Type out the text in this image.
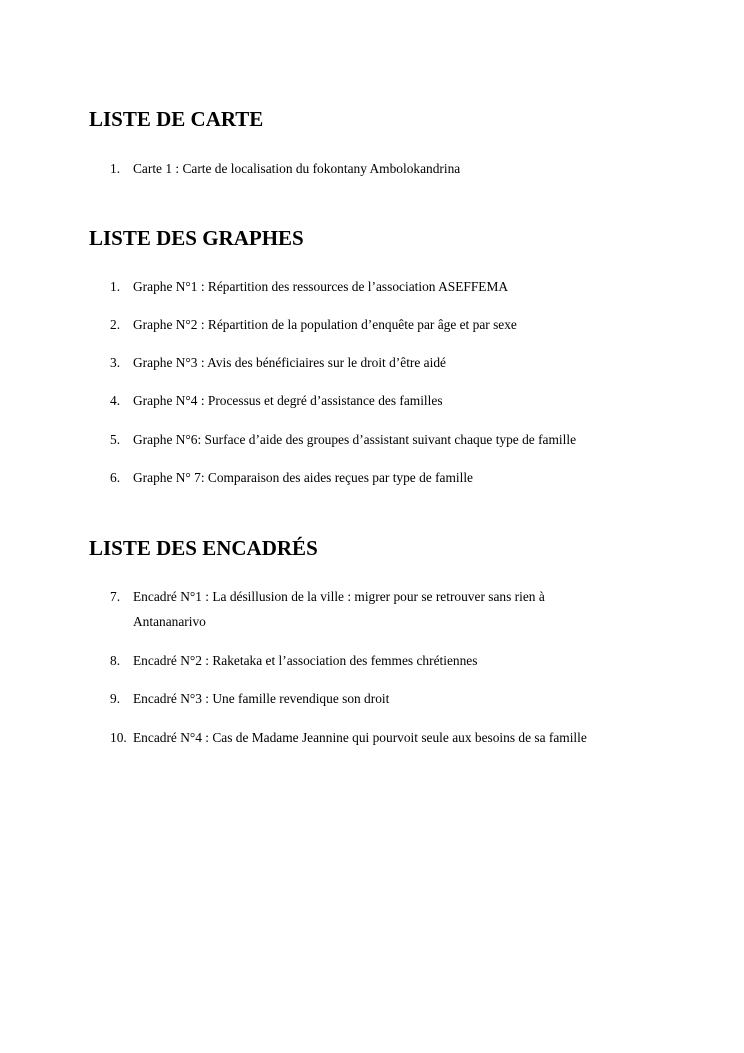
LISTE DE CARTE
1. Carte 1 : Carte de localisation du fokontany Ambolokandrina
LISTE DES GRAPHES
1. Graphe N°1 : Répartition des ressources de l’association ASEFFEMA
2. Graphe N°2 : Répartition de la population d’enquête par âge et par sexe
3. Graphe N°3 : Avis des bénéficiaires sur le droit d’être aidé
4. Graphe N°4 : Processus et degré d’assistance des familles
5. Graphe N°6: Surface d’aide des groupes d’assistant suivant chaque type de famille
6. Graphe N° 7: Comparaison des aides reçues par type de famille
LISTE DES ENCADRÉS
7. Encadré N°1 : La désillusion de la ville : migrer pour se retrouver sans rien à
Antananarivo
8. Encadré N°2 : Raketaka et l’association des femmes chrétiennes
9. Encadré N°3 : Une famille revendique son droit
10. Encadré N°4 : Cas de Madame Jeannine qui pourvoit seule aux besoins de sa famille
